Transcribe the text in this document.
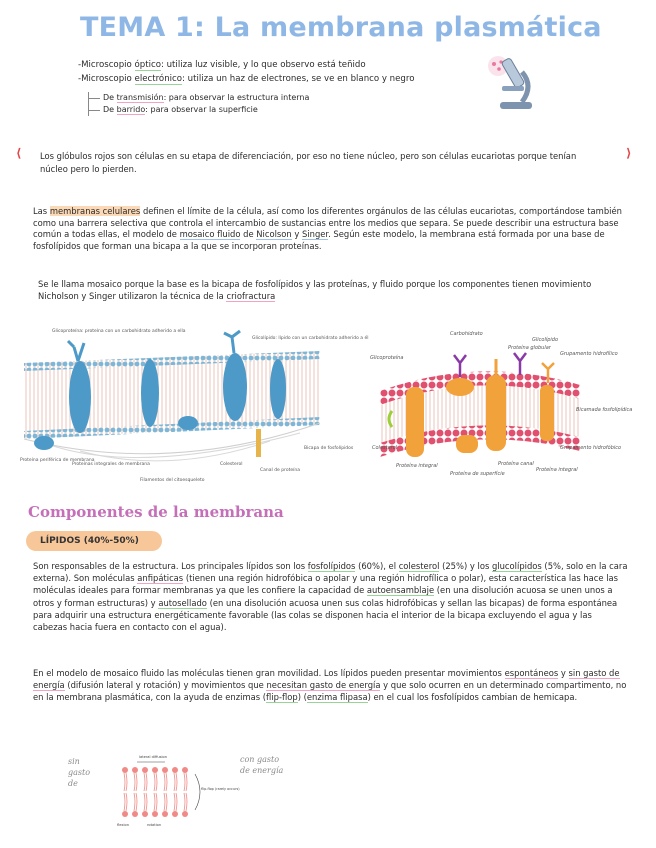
TEMA 1: La membrana plasmática
-Microscopio óptico: utiliza luz visible, y lo que observo está teñido
-Microscopio electrónico: utiliza un haz de electrones, se ve en blanco y negro
De transmisión: para observar la estructura interna
De barrido: para observar la superficie
⟨	⟩

Los glóbulos rojos son células en su etapa de diferenciación, por eso no tiene núcleo, pero son células eucariotas porque tenían núcleo pero lo pierden.

Las membranas celulares definen el límite de la célula, así como los diferentes orgánulos de las células eucariotas, comportándose también como una barrera selectiva que controla el intercambio de sustancias entre los medios que separa. Se puede describir una estructura base común a todas ellas, el modelo de mosaico fluido de Nicolson y Singer. Según este modelo, la membrana está formada por una base de fosfolípidos que forman una bicapa a la que se incorporan proteínas.

Se le llama mosaico porque la base es la bicapa de fosfolípidos y las proteínas, y fluido porque los componentes tienen movimiento
Nicholson y Singer utilizaron la técnica de la criofractura

Glicoproteína: proteína con un carbohidrato adherido a ella
Glicolípido: lípido con un carbohidrato adherido a él
Proteína periférica de membrana
Proteínas integrales de membrana
Filamentos del citoesqueleto
Colesterol
Canal de proteína
Bicapa de fosfolípidos
Carbohidrato
Glicolípido
Glicoproteína
Proteína globular
Grupamento hidrofílico
Bicamada fosfolipídica
Grupamento hidrofóbico
Colesterol
Proteína integral
Proteína de superfície
Proteína canal
Proteína integral
Componentes de la membrana
LÍPIDOS (40%-50%)

Son responsables de la estructura. Los principales lípidos son los fosfolípidos (60%), el colesterol (25%) y los glucolípidos (5%, solo en la cara externa). Son moléculas anfipáticas (tienen una región hidrofóbica o apolar y una región hidrofílica o polar), esta característica las hace las moléculas ideales para formar membranas ya que les confiere la capacidad de autoensamblaje (en una disolución acuosa se unen unos a otros y forman estructuras) y autosellado (en una disolución acuosa unen sus colas hidrofóbicas y sellan las bicapas) de forma espontánea para adquirir una estructura energéticamente favorable (las colas se disponen hacia el interior de la bicapa excluyendo el agua y las cabezas hacia fuera en contacto con el agua).

En el modelo de mosaico fluido las moléculas tienen gran movilidad. Los lípidos pueden presentar movimientos espontáneos y sin gasto de energía (difusión lateral y rotación) y movimientos que necesitan gasto de energía y que solo ocurren en un determinado compartimento, no en la membrana plasmática, con la ayuda de enzimas (flip-flop) (enzima flipasa) en el cual los fosfolípidos cambian de hemicapa.

sin
gasto
de
con gasto
de energía
lateral diffusion
flip-flop (rarely occurs)
flexion	rotation
